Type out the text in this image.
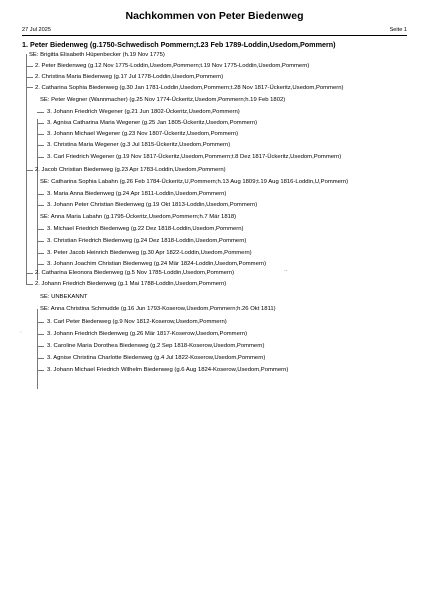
Nachkommen von Peter Biedenweg
27 Jul 2025	Seite 1
`
·-
1. Peter Biedenweg (g.1750-Schwedisch Pommern;t.23 Feb 1789-Loddin,Usedom,Pommern)
SE: Brigitta Elisabeth Hüpenbecker (h.19 Nov 1775)
2. Peter Biedenweg (g.12 Nov 1775-Loddin,Usedom,Pommern;t.19 Nov 1775-Loddin,Usedom,Pommern)
2. Christina Maria Biedenweg (g.17 Jul 1778-Loddin,Usedom,Pommern)
2. Catharina Sophia Biedenweg (g.30 Jan 1781-Loddin,Usedom,Pommern;t.28 Nov 1817-Ückeritz,Usedom,Pommern)
SE: Peter Wegner (Wannmacher) (g.25 Nov 1774-Ückeritz,Usedom,Pommern;h.19 Feb 1802)
3. Johann Friedrich Wegener (g.21 Jun 1802-Ückeritz,Usedom,Pommern)
3. Agnisa Catharina Maria Wegener (g.25 Jan 1805-Ückeritz,Usedom,Pommern)
3. Johann Michael Wegener (g.23 Nov 1807-Ückeritz,Usedom,Pommern)
3. Christina Maria Wegener (g.3 Jul 1815-Ückeritz,Usedom,Pommern)
3. Carl Friedrich Wegener (g.19 Nov 1817-Ückeritz,Usedom,Pommern;t.8 Dez 1817-Ückeritz,Usedom,Pommern)
2. Jacob Christian Biedenweg (g.23 Apr 1783-Loddin,Usedom,Pommern)
SE: Catharina Sophia Labahn (g.26 Feb 1784-Ückeritz,U,Pommern;h.13 Aug 1809;t.19 Aug 1816-Loddin,U,Pommern)
3. Maria Anna Biedenweg (g.24 Apr 1811-Loddin,Usedom,Pommern)
3. Johann Peter Christian Biedenweg (g.19 Okt 1813-Loddin,Usedom,Pommern)
SE: Anna Maria Labahn (g.1795-Ückeritz,Usedom,Pommern;h.7 Mär 1818)
3. Michael Friedrich Biedenweg (g.22 Dez 1818-Loddin,Usedom,Pommern)
3. Christian Friedrich Biedenweg (g.24 Dez 1818-Loddin,Usedom,Pommern)
3. Peter Jacob Heinrich Biedenweg (g.30 Apr 1822-Loddin,Usedom,Pommern)
3. Johann Joachim Christian Biedenweg (g.24 Mär 1824-Loddin,Usedom,Pommern)
2. Catharina Eleonora Biedenweg (g.5 Nov 1785-Loddin,Usedom,Pommern)
2. Johann Friedrich Biedenweg (g.1 Mai 1788-Loddin,Usedom,Pommern)
SE: UNBEKANNT
SE: Anna Christina Schmudde (g.16 Jun 1793-Koserow,Usedom,Pommern;h.26 Okt 1811)
3. Carl Peter Biedenweg (g.9 Nov 1812-Koserow,Usedom,Pommern)
3. Johann Friedrich Biedenweg (g.26 Mär 1817-Koserow,Usedom,Pommern)
3. Caroline Maria Dorothea Biedenweg (g.2 Sep 1818-Koserow,Usedom,Pommern)
3. Agnise Christina Charlotte Biedenweg (g.4 Jul 1822-Koserow,Usedom,Pommern)
3. Johann Michael Friedrich Wilhelm Biedenweg (g.6 Aug 1824-Koserow,Usedom,Pommern)
